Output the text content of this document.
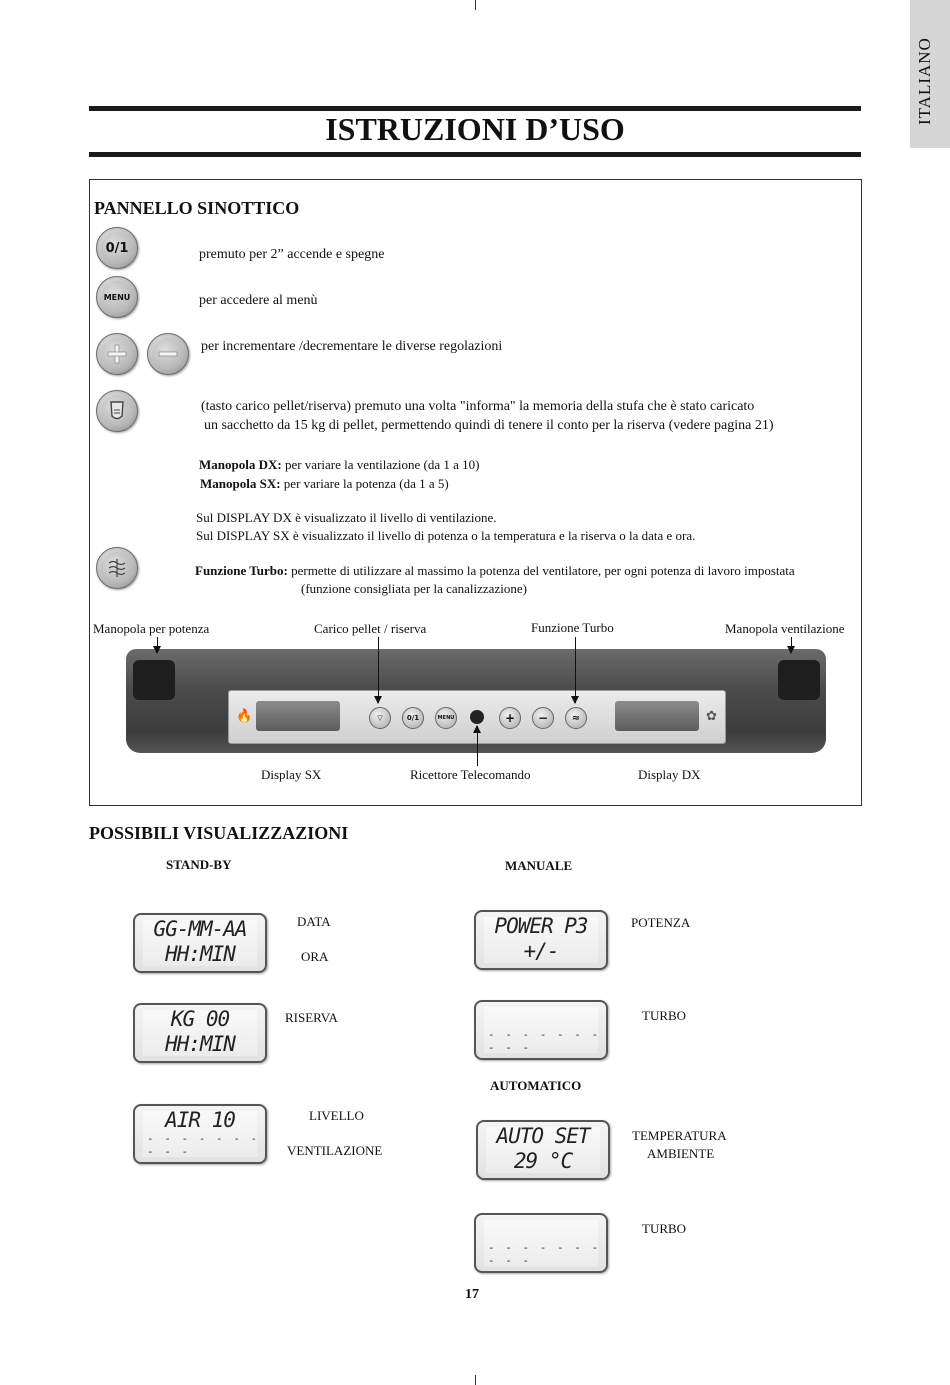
ITALIANO
ISTRUZIONI D’USO
PANNELLO SINOTTICO
0/1	premuto per 2” accende e spegne
MENU	per accedere al menù
per incrementare /decrementare le diverse regolazioni
(tasto carico pellet/riserva) premuto una volta "informa" la memoria della stufa che è stato caricato
un sacchetto da 15 kg di pellet, permettendo quindi di tenere il conto per la riserva (vedere pagina 21)
Manopola DX: per variare la ventilazione (da 1 a 10)
Manopola SX: per variare la potenza (da 1 a 5)
Sul DISPLAY DX è visualizzato il livello di ventilazione.
Sul DISPLAY SX è visualizzato il livello di potenza o la temperatura e la riserva o la data e ora.
Funzione Turbo: permette di utilizzare al massimo la potenza del ventilatore, per ogni potenza di lavoro impostata
(funzione consigliata per la canalizzazione)
Manopola per potenza	Carico pellet / riserva	Funzione Turbo	Manopola ventilazione
🔥	▽	0/1	MENU	+	−	≈	✿
Display SX	Ricettore Telecomando	Display DX
POSSIBILI VISUALIZZAZIONI
STAND-BY	MANUALE
AUTOMATICO
GG-MM-AA
HH:MIN
DATA
ORA
KG 00
HH:MIN
RISERVA
AIR 10
- - - - - - - - - -
LIVELLO
VENTILAZIONE
POWER P3
+/-
POTENZA
- - - - - - - - - -
TURBO
AUTO SET
29 °C
TEMPERATURA
AMBIENTE
- - - - - - - - - -
TURBO
17
